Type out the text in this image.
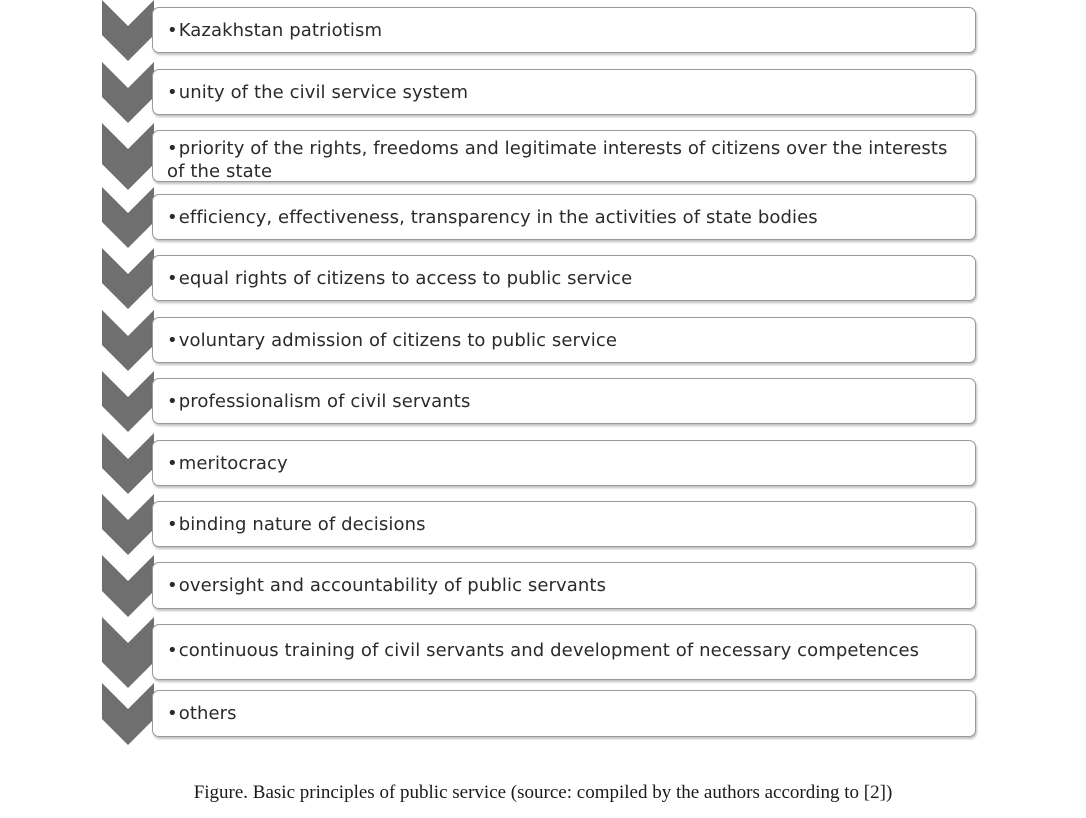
•Kazakhstan patriotism
•unity of the civil service system
•priority of the rights, freedoms and legitimate interests of citizens over the interests of the state
•efficiency, effectiveness, transparency in the activities of state bodies
•equal rights of citizens to access to public service
•voluntary admission of citizens to public service
•professionalism of civil servants
•meritocracy
•binding nature of decisions
•oversight and accountability of public servants
•continuous training of civil servants and development of necessary competences
•others
Figure. Basic principles of public service (source: compiled by the authors according to [2])
